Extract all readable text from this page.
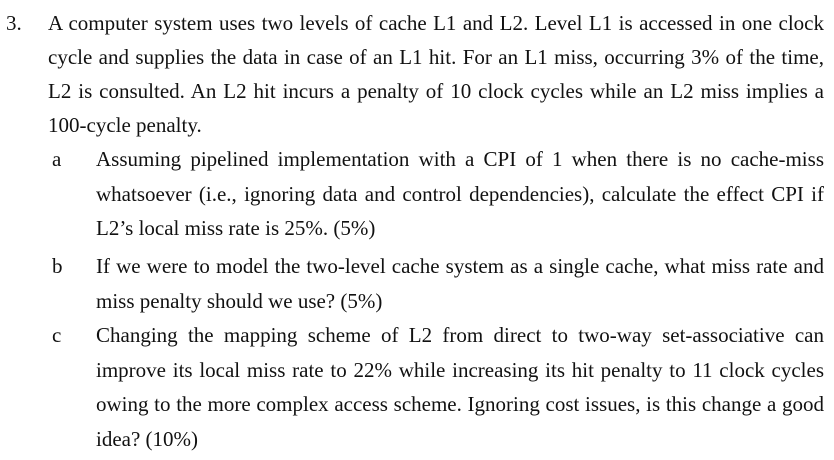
3. A computer system uses two levels of cache L1 and L2. Level L1 is accessed in one clock cycle and supplies the data in case of an L1 hit. For an L1 miss, occurring 3% of the time, L2 is consulted. An L2 hit incurs a penalty of 10 clock cycles while an L2 miss implies a 100-cycle penalty.
a Assuming pipelined implementation with a CPI of 1 when there is no cache-miss whatsoever (i.e., ignoring data and control dependencies), calculate the effect CPI if L2’s local miss rate is 25%. (5%)
b If we were to model the two-level cache system as a single cache, what miss rate and miss penalty should we use? (5%)
c Changing the mapping scheme of L2 from direct to two-way set-associative can improve its local miss rate to 22% while increasing its hit penalty to 11 clock cycles owing to the more complex access scheme. Ignoring cost issues, is this change a good idea? (10%)
